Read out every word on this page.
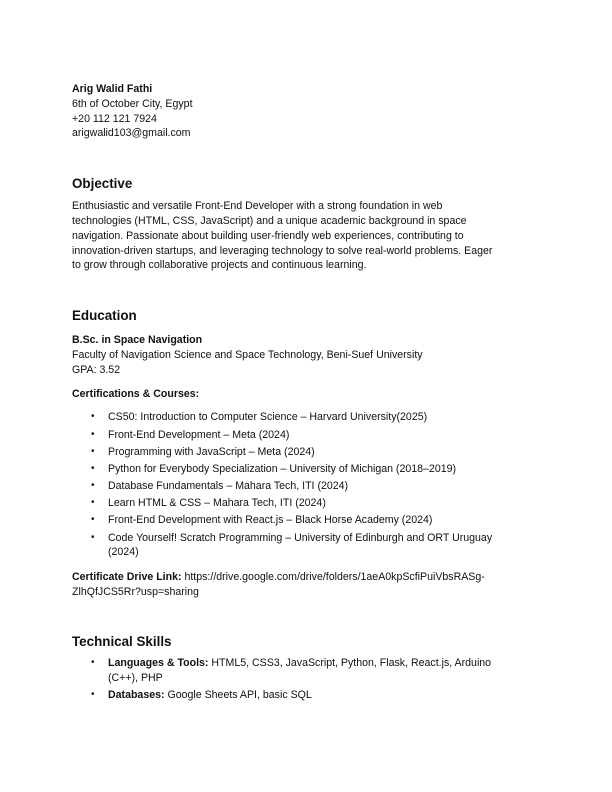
Arig Walid Fathi
6th of October City, Egypt
+20 112 121 7924
arigwalid103@gmail.com
Objective
Enthusiastic and versatile Front-End Developer with a strong foundation in web
technologies (HTML, CSS, JavaScript) and a unique academic background in space
navigation. Passionate about building user-friendly web experiences, contributing to
innovation-driven startups, and leveraging technology to solve real-world problems. Eager
to grow through collaborative projects and continuous learning.
Education
B.Sc. in Space Navigation
Faculty of Navigation Science and Space Technology, Beni-Suef University
GPA: 3.52
Certifications & Courses:
• CS50: Introduction to Computer Science – Harvard University(2025)
• Front-End Development – Meta (2024)
• Programming with JavaScript – Meta (2024)
• Python for Everybody Specialization – University of Michigan (2018–2019)
• Database Fundamentals – Mahara Tech, ITI (2024)
• Learn HTML & CSS – Mahara Tech, ITI (2024)
• Front-End Development with React.js – Black Horse Academy (2024)
• Code Yourself! Scratch Programming – University of Edinburgh and ORT Uruguay
(2024)
Certificate Drive Link: https://drive.google.com/drive/folders/1aeA0kpScfiPuiVbsRASg-
ZlhQfJCS5Rr?usp=sharing
Technical Skills
• Languages & Tools: HTML5, CSS3, JavaScript, Python, Flask, React.js, Arduino
(C++), PHP
• Databases: Google Sheets API, basic SQL
